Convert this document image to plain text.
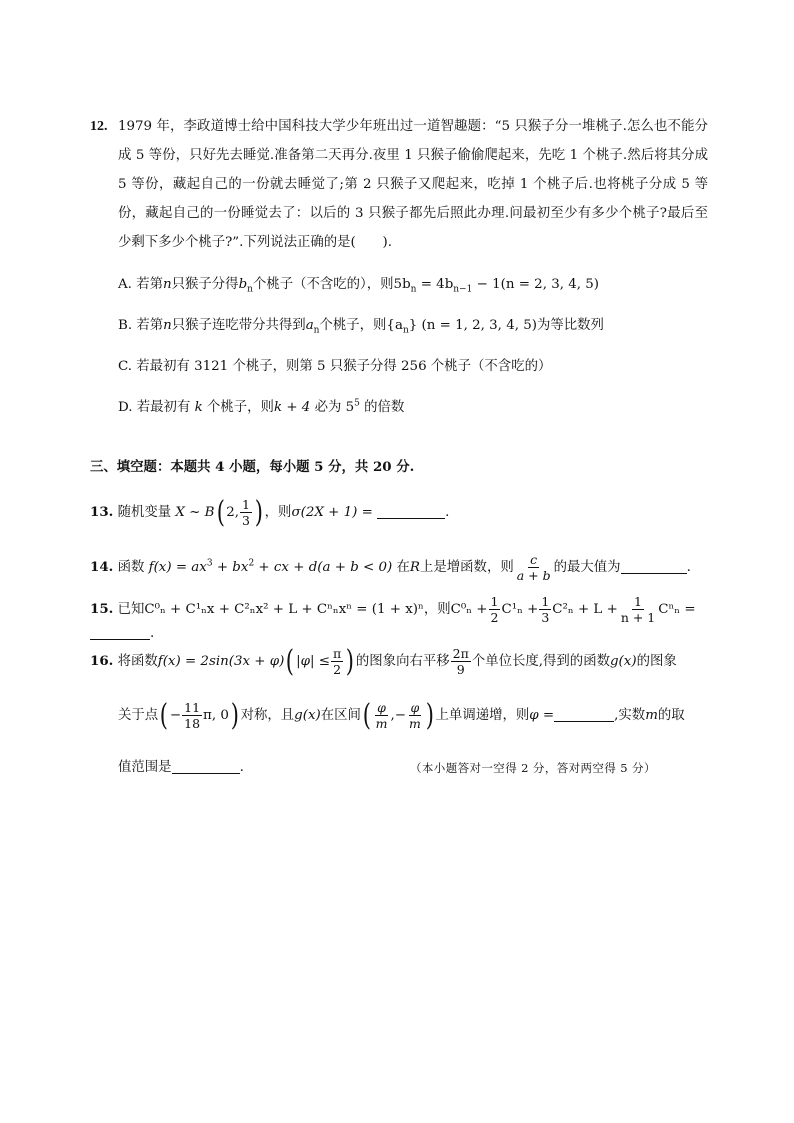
12. 1979 年，李政道博士给中国科技大学少年班出过一道智趣题：“5 只猴子分一堆桃子.怎么也不能分成 5 等份，只好先去睡觉.准备第二天再分.夜里 1 只猴子偷偷爬起来，先吃 1 个桃子.然后将其分成 5 等份，藏起自己的一份就去睡觉了;第 2 只猴子又爬起来，吃掉 1 个桃子后.也将桃子分成 5 等份，藏起自己的一份睡觉去了：以后的 3 只猴子都先后照此办理.问最初至少有多少个桃子?最后至少剩下多少个桃子?”.下列说法正确的是(　　).
A. 若第n只猴子分得$b_n$个桃子（不含吃的），则$5b_n = 4b_{n-1} - 1(n = 2$, 3, 4, 5)
B. 若第n只猴子连吃带分共得到$a_n$个桃子，则$\{a_n\} (n = 1$, 2, 3, 4, 5)为等比数列
C. 若最初有 3121 个桃子，则第 5 只猴子分得 256 个桃子（不含吃的）
D. 若最初有 k 个桃子，则k + 4 必为 $5^5$ 的倍数
三、填空题：本题共 4 小题，每小题 5 分，共 20 分.
13. 随机变量 X ~ B( 2, $\frac{1}{3}$ ) ，则σ(2X + 1) =	.
14. 函数 $f(x) = ax^3 + bx^2$ + cx + d(a + b < 0) 在R上是增函数，则 $\frac{c}{a + b}$ 的最大值为	.
15. 已知C⁰ₙ + C¹ₙx + C²ₙx² + L + Cⁿₙxⁿ = (1 + x)ⁿ，则$C^0_n + \frac{1}{2} C^1_n + \frac{1}{3} C^2_n + L + \frac{1}{n + 1}$ Cⁿₙ =.
16. 将函数f(x) = 2sin(3x + φ)( $|\varphi| \le \frac{\pi}{2}$ ) 的图象向右平移 $\frac{2\pi}{9}$ 个单位长度,得到的函数g(x)的图象
关于点( − $\frac{11}{18} \pi$, 0) 对称，且g(x)在区间( $\frac{\varphi}{m}$ ,− $\frac{\varphi}{m}$ ) 上单调递增，则φ =	,实数m的取
值范围是	.	（本小题答对一空得 2 分，答对两空得 5 分）
